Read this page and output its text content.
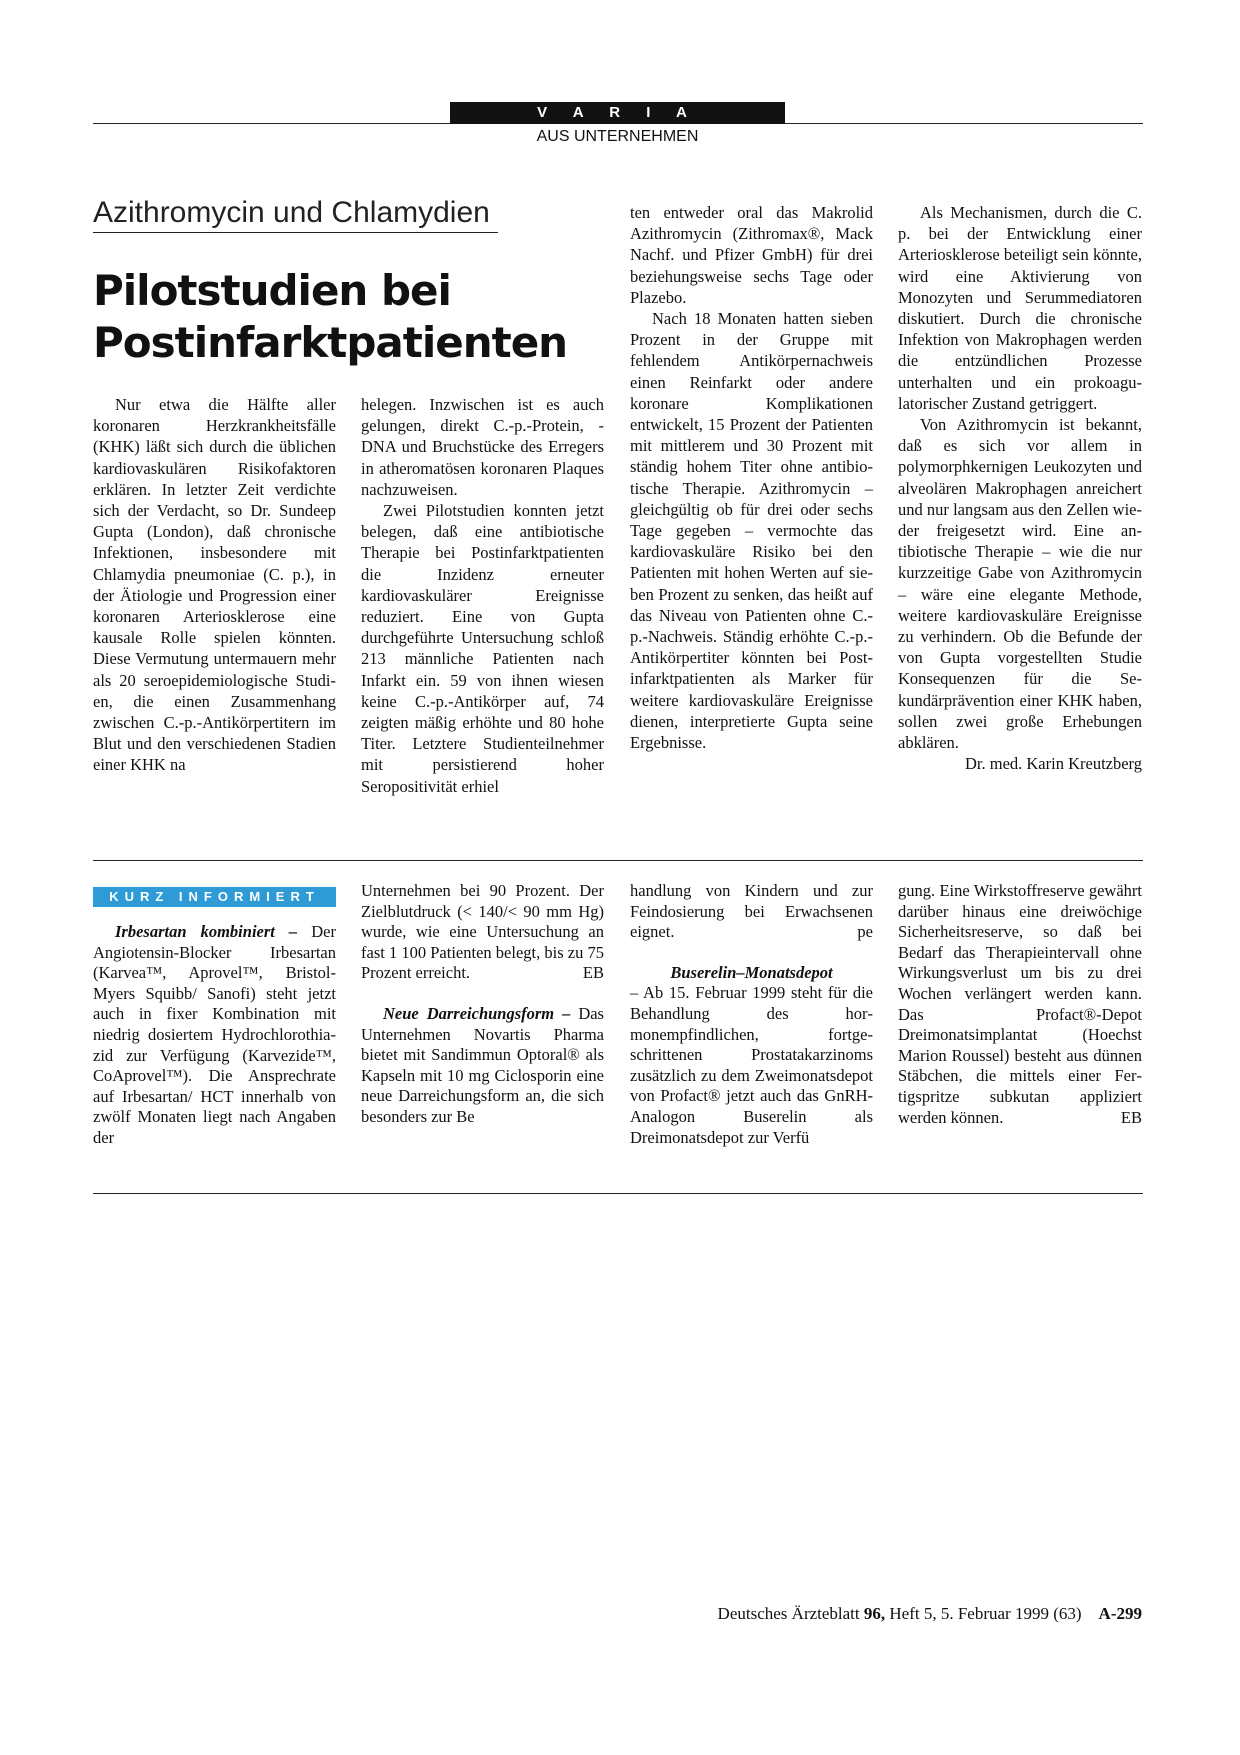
V A R I A
AUS UNTERNEHMEN
Azithromycin und Chlamydien
Pilotstudien bei
Postinfarktpatienten

Nur etwa die Hälfte aller koronaren Herzkrankheitsfälle (KHK) läßt sich durch die üblichen kardiovaskulären Risikofaktoren erklären. In letzter Zeit verdichte sich der Verdacht, so Dr. Sundeep Gupta (London), daß chronische Infektionen, insbesondere mit Chlamydia pneumoniae (C. p.), in der Ätiologie und Progression einer koronaren Arteriosklerose eine kausale Rolle spielen könnten. Diese Vermutung untermauern mehr als 20 seroepidemiologische Studien, die einen Zusammenhang zwischen C.-p.-Antikörpertitern im Blut und den verschiedenen Stadien einer KHK na

helegen. Inzwischen ist es auch gelungen, direkt C.-p.-Protein, -DNA und Bruchstücke des Erregers in atheromatösen koronaren Plaques nachzuweisen.

Zwei Pilotstudien konnten jetzt belegen, daß eine antibiotische Therapie bei Postinfarktpatienten die Inzidenz erneuter kardiovaskulärer Ereignisse reduziert. Eine von Gupta durchgeführte Untersuchung schloß 213 männliche Patienten nach Infarkt ein. 59 von ihnen wiesen keine C.-p.-Antikörper auf, 74 zeigten mäßig erhöhte und 80 hohe Titer. Letztere Studienteilnehmer mit persistierend hoher Seropositivität erhiel

ten entweder oral das Makrolid Azithromycin (Zithromax®, Mack Nachf. und Pfizer GmbH) für drei beziehungsweise sechs Tage oder Plazebo.

Nach 18 Monaten hatten sieben Prozent in der Gruppe mit fehlendem Antikörpernachweis einen Reinfarkt oder andere koronare Komplikationen entwickelt, 15 Prozent der Patienten mit mittlerem und 30 Prozent mit ständig hohem Titer ohne antibiotische Therapie. Azithromycin – gleichgültig ob für drei oder sechs Tage gegeben – vermochte das kardiovaskuläre Risiko bei den Patienten mit hohen Werten auf sieben Prozent zu senken, das heißt auf das Niveau von Patienten ohne C.-p.-Nachweis. Ständig erhöhte C.-p.-Antikörpertiter könnten bei Postinfarktpatienten als Marker für weitere kardiovaskuläre Ereignisse dienen, interpretierte Gupta seine Ergebnisse.

Als Mechanismen, durch die C. p. bei der Entwicklung einer Arteriosklerose beteiligt sein könnte, wird eine Aktivierung von Monozyten und Serummediatoren diskutiert. Durch die chronische Infektion von Makrophagen werden die entzündlichen Prozesse unterhalten und ein prokoagulatorischer Zustand getriggert.

Von Azithromycin ist bekannt, daß es sich vor allem in polymorphkernigen Leukozyten und alveolären Makrophagen anreichert und nur langsam aus den Zellen wieder freigesetzt wird. Eine antibiotische Therapie – wie die nur kurzzeitige Gabe von Azithromycin – wäre eine elegante Methode, weitere kardiovaskuläre Ereignisse zu verhindern. Ob die Befunde der von Gupta vorgestellten Studie Konsequenzen für die Sekundärprävention einer KHK haben, sollen zwei große Erhebungen abklären.

Dr. med. Karin Kreutzberg

KURZ INFORMIERT

Irbesartan kombiniert – Der Angiotensin-Blocker Irbesartan (Karvea™, Aprovel™, Bristol-Myers Squibb/ Sanofi) steht jetzt auch in fixer Kombination mit niedrig dosiertem Hydrochlorothiazid zur Verfügung (Karvezide™, CoAprovel™). Die Ansprechrate auf Irbesartan/ HCT innerhalb von zwölf Monaten liegt nach Angaben der

Unternehmen bei 90 Prozent. Der Zielblutdruck (< 140/< 90 mm Hg) wurde, wie eine Untersuchung an fast 1 100 Patienten belegt, bis zu 75 Prozent erreicht.	EB

Neue Darreichungsform – Das Unternehmen Novartis Pharma bietet mit Sandimmun Optoral® als Kapseln mit 10 mg Ciclosporin eine neue Darreichungsform an, die sich besonders zur Be

handlung von Kindern und zur Feindosierung bei Erwachsenen eignet.	pe

Buserelin–Monatsdepot

– Ab 15. Februar 1999 steht für die Behandlung des hormonempfindlichen, fortgeschrittenen Prostatakarzinoms zusätzlich zu dem Zweimonatsdepot von Profact® jetzt auch das GnRH-Analogon Buserelin als Dreimonatsdepot zur Verfü

gung. Eine Wirkstoffreserve gewährt darüber hinaus eine dreiwöchige Sicherheitsreserve, so daß bei Bedarf das Therapieintervall ohne Wirkungsverlust um bis zu drei Wochen verlängert werden kann. Das Profact®-Depot Dreimonatsimplantat (Hoechst Marion Roussel) besteht aus dünnen Stäbchen, die mittels einer Fertigspritze subkutan appliziert werden können.	EB

Deutsches Ärzteblatt 96, Heft 5, 5. Februar 1999 (63) A-299
